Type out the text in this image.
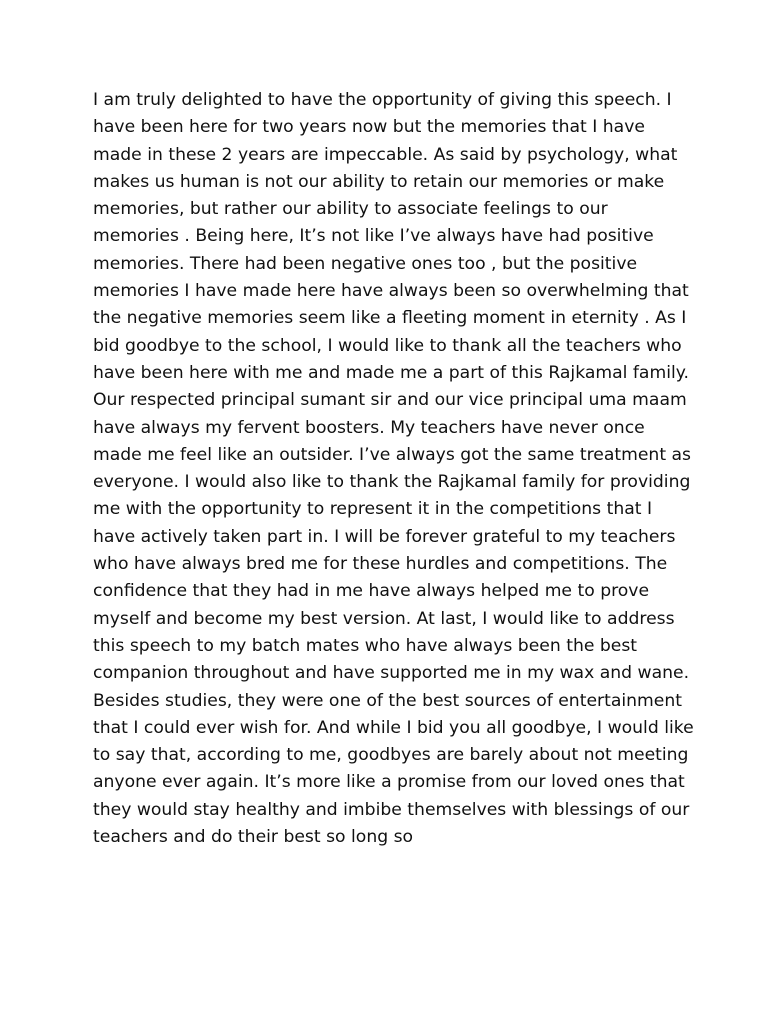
I am truly delighted to have the opportunity of giving this speech. I
have been here for two years now but the memories that I have
made in these 2 years are impeccable. As said by psychology, what
makes us human is not our ability to retain our memories or make
memories, but rather our ability to associate feelings to our
memories . Being here, It’s not like I’ve always have had positive
memories. There had been negative ones too , but the positive
memories I have made here have always been so overwhelming that
the negative memories seem like a fleeting moment in eternity . As I
bid goodbye to the school, I would like to thank all the teachers who
have been here with me and made me a part of this Rajkamal family.
Our respected principal sumant sir and our vice principal uma maam
have always my fervent boosters. My teachers have never once
made me feel like an outsider. I’ve always got the same treatment as
everyone. I would also like to thank the Rajkamal family for providing
me with the opportunity to represent it in the competitions that I
have actively taken part in. I will be forever grateful to my teachers
who have always bred me for these hurdles and competitions. The
confidence that they had in me have always helped me to prove
myself and become my best version. At last, I would like to address
this speech to my batch mates who have always been the best
companion throughout and have supported me in my wax and wane.
Besides studies, they were one of the best sources of entertainment
that I could ever wish for. And while I bid you all goodbye, I would like
to say that, according to me, goodbyes are barely about not meeting
anyone ever again. It’s more like a promise from our loved ones that
they would stay healthy and imbibe themselves with blessings of our
teachers and do their best so long so
